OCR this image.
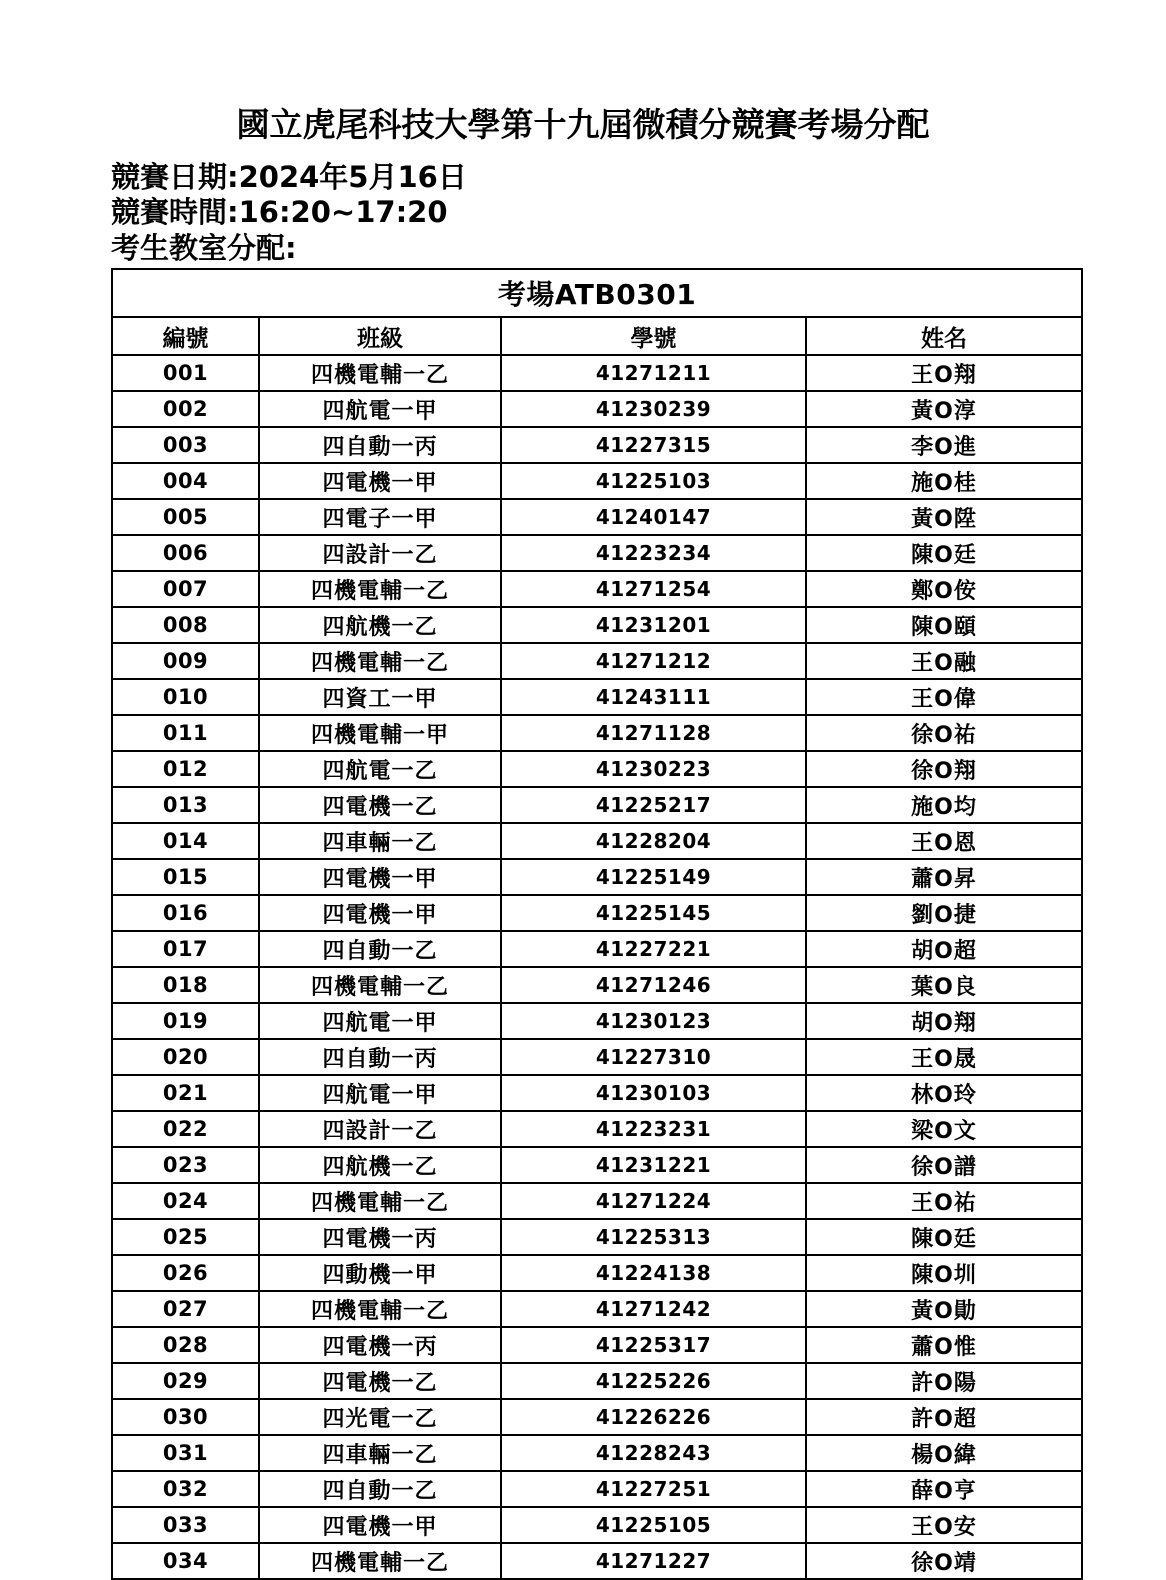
國立虎尾科技大學第十九屆微積分競賽考場分配
競賽日期:2024年5月16日
競賽時間:16:20~17:20
考生教室分配:
考場ATB0301			
編號	班級	學號	姓名
001	四機電輔一乙	41271211	王O翔
002	四航電一甲	41230239	黃O淳
003	四自動一丙	41227315	李O進
004	四電機一甲	41225103	施O桂
005	四電子一甲	41240147	黃O陞
006	四設計一乙	41223234	陳O廷
007	四機電輔一乙	41271254	鄭O侒
008	四航機一乙	41231201	陳O頤
009	四機電輔一乙	41271212	王O融
010	四資工一甲	41243111	王O偉
011	四機電輔一甲	41271128	徐O祐
012	四航電一乙	41230223	徐O翔
013	四電機一乙	41225217	施O均
014	四車輛一乙	41228204	王O恩
015	四電機一甲	41225149	蕭O昇
016	四電機一甲	41225145	劉O捷
017	四自動一乙	41227221	胡O超
018	四機電輔一乙	41271246	葉O良
019	四航電一甲	41230123	胡O翔
020	四自動一丙	41227310	王O晟
021	四航電一甲	41230103	林O玲
022	四設計一乙	41223231	梁O文
023	四航機一乙	41231221	徐O譜
024	四機電輔一乙	41271224	王O祐
025	四電機一丙	41225313	陳O廷
026	四動機一甲	41224138	陳O圳
027	四機電輔一乙	41271242	黃O勛
028	四電機一丙	41225317	蕭O惟
029	四電機一乙	41225226	許O陽
030	四光電一乙	41226226	許O超
031	四車輛一乙	41228243	楊O緯
032	四自動一乙	41227251	薛O亨
033	四電機一甲	41225105	王O安
034	四機電輔一乙	41271227	徐O靖
